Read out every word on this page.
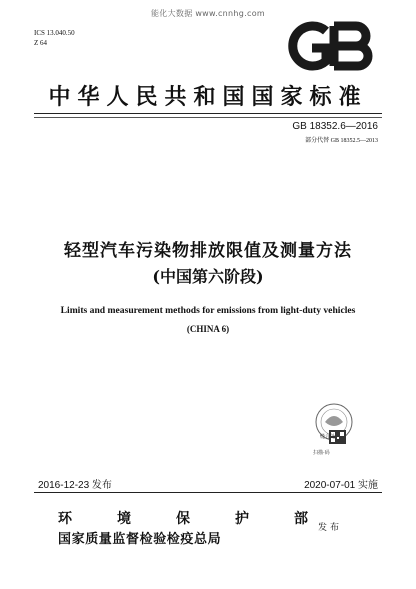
能化大数据 www.cnnhg.com
ICS 13.040.50
Z 64
中华人民共和国国家标准
GB 18352.6—2016
部分代替 GB 18352.5—2013
轻型汽车污染物排放限值及测量方法
(中国第六阶段)
Limits and measurement methods for emissions from light-duty vehicles
(CHINA 6)
缝合处
扫描·码
2016-12-23 发布	2020-07-01 实施
环	境	保	护	部
国家质量监督检验检疫总局
发布
